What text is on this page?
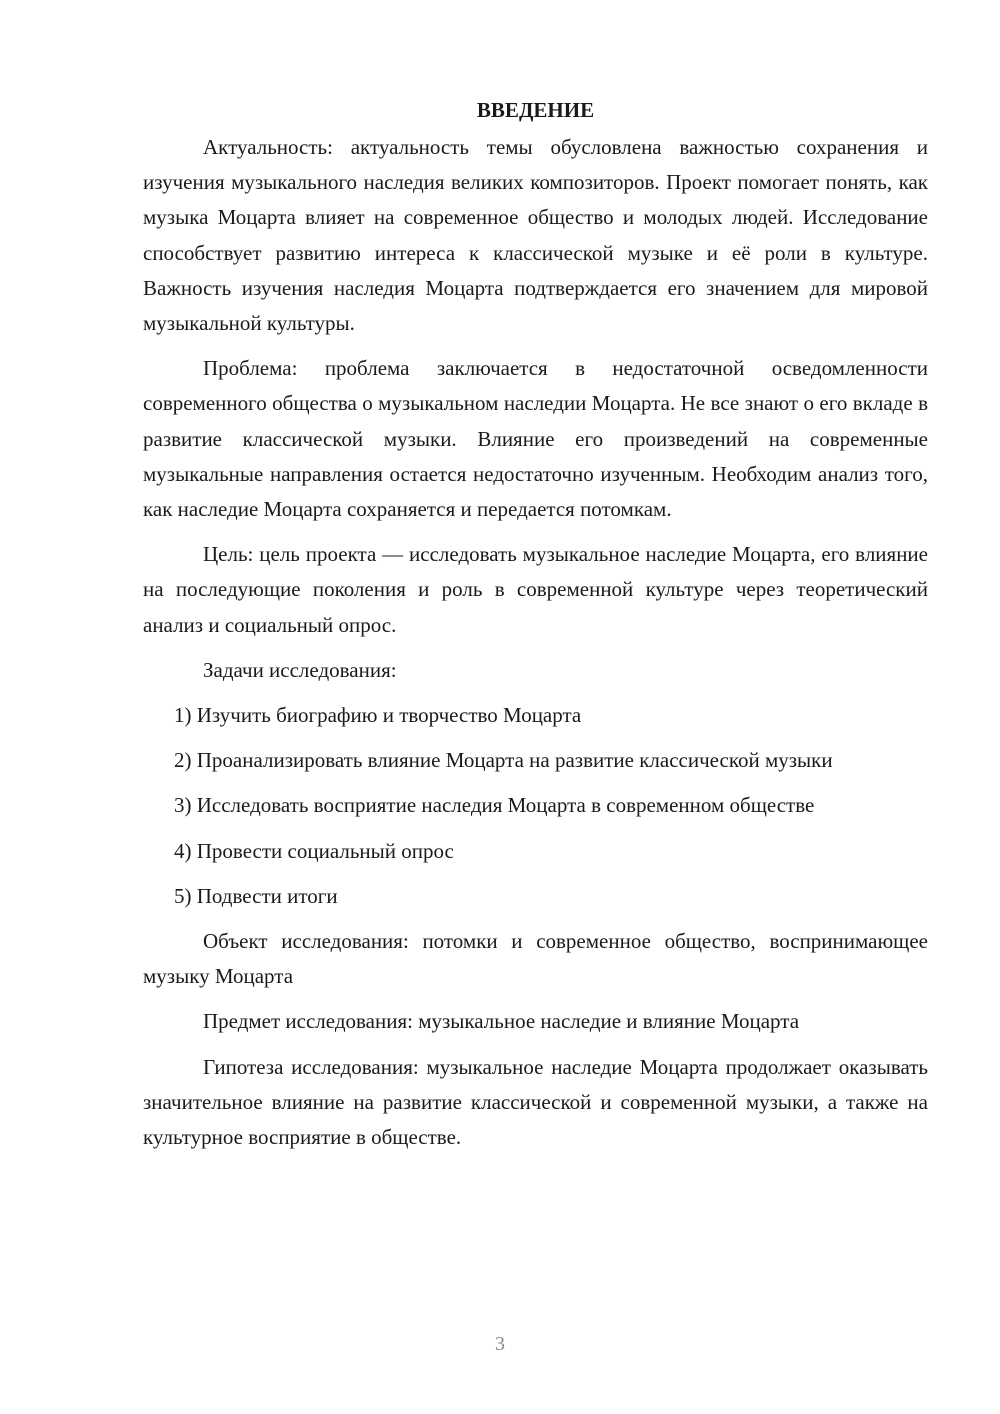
ВВЕДЕНИЕ

Актуальность: актуальность темы обусловлена важностью сохранения и изучения музыкального наследия великих композиторов. Проект помогает понять, как музыка Моцарта влияет на современное общество и молодых людей. Исследование способствует развитию интереса к классической музыке и её роли в культуре. Важность изучения наследия Моцарта подтверждается его значением для мировой музыкальной культуры.

Проблема: проблема заключается в недостаточной осведомленности современного общества о музыкальном наследии Моцарта. Не все знают о его вкладе в развитие классической музыки. Влияние его произведений на современные музыкальные направления остается недостаточно изученным. Необходим анализ того, как наследие Моцарта сохраняется и передается потомкам.

Цель: цель проекта — исследовать музыкальное наследие Моцарта, его влияние на последующие поколения и роль в современной культуре через теоретический анализ и социальный опрос.

Задачи исследования:

1) Изучить биографию и творчество Моцарта

2) Проанализировать влияние Моцарта на развитие классической музыки

3) Исследовать восприятие наследия Моцарта в современном обществе

4) Провести социальный опрос

5) Подвести итоги

Объект исследования: потомки и современное общество, воспринимающее музыку Моцарта

Предмет исследования: музыкальное наследие и влияние Моцарта

Гипотеза исследования: музыкальное наследие Моцарта продолжает оказывать значительное влияние на развитие классической и современной музыки, а также на культурное восприятие в обществе.

3
